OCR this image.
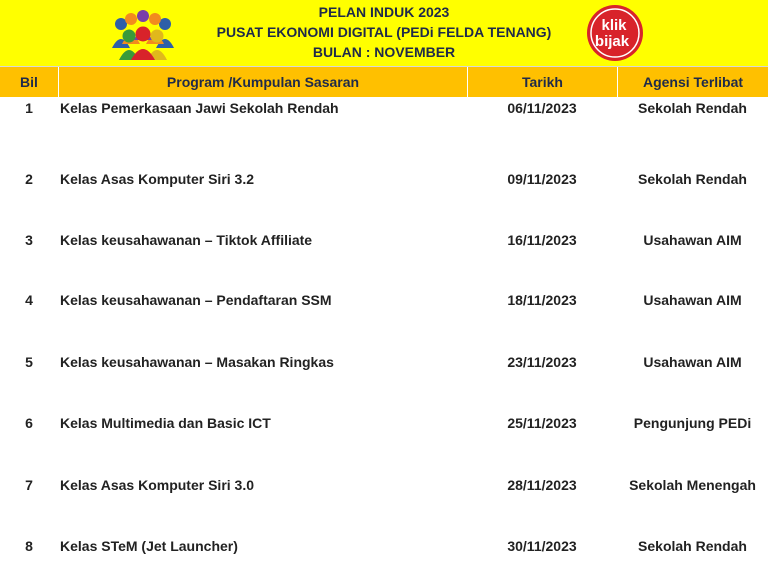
PELAN INDUK 2023
PUSAT EKONOMI DIGITAL (PEDi FELDA TENANG)
BULAN : NOVEMBER
klik
bijak
Bil	Program /Kumpulan Sasaran	Tarikh	Agensi Terlibat
1	Kelas Pemerkasaan Jawi Sekolah Rendah	06/11/2023	Sekolah Rendah
2	Kelas Asas Komputer Siri 3.2	09/11/2023	Sekolah Rendah
3	Kelas keusahawanan – Tiktok Affiliate	16/11/2023	Usahawan AIM
4	Kelas keusahawanan – Pendaftaran SSM	18/11/2023	Usahawan AIM
5	Kelas keusahawanan – Masakan Ringkas	23/11/2023	Usahawan AIM
6	Kelas Multimedia dan Basic ICT	25/11/2023	Pengunjung PEDi
7	Kelas Asas Komputer Siri 3.0	28/11/2023	Sekolah Menengah
8	Kelas STeM (Jet Launcher)	30/11/2023	Sekolah Rendah
